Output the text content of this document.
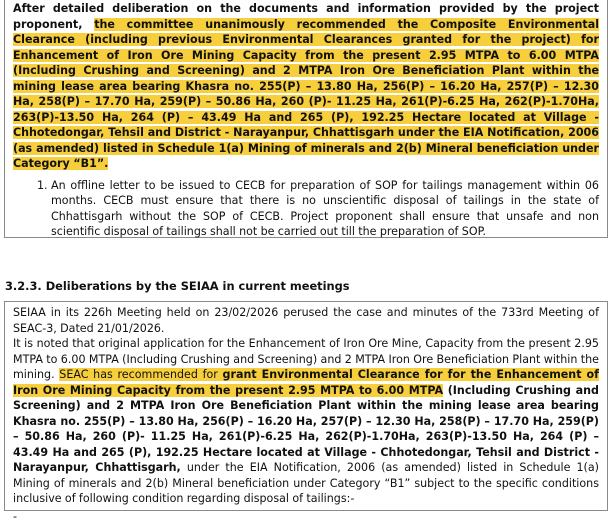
After detailed deliberation on the documents and information provided by the project proponent, the committee unanimously recommended the Composite Environmental Clearance (including previous Environmental Clearances granted for the project) for Enhancement of Iron Ore Mining Capacity from the present 2.95 MTPA to 6.00 MTPA (Including Crushing and Screening) and 2 MTPA Iron Ore Beneficiation Plant within the mining lease area bearing Khasra no. 255(P) – 13.80 Ha, 256(P) – 16.20 Ha, 257(P) – 12.30 Ha, 258(P) – 17.70 Ha, 259(P) – 50.86 Ha, 260 (P)- 11.25 Ha, 261(P)-6.25 Ha, 262(P)-1.70Ha, 263(P)-13.50 Ha, 264 (P) – 43.49 Ha and 265 (P), 192.25 Hectare located at Village - Chhotedongar, Tehsil and District - Narayanpur, Chhattisgarh under the EIA Notification, 2006 (as amended) listed in Schedule 1(a) Mining of minerals and 2(b) Mineral beneficiation under Category “B1”.

1. An offline letter to be issued to CECB for preparation of SOP for tailings management within 06 months. CECB must ensure that there is no unscientific disposal of tailings in the state of Chhattisgarh without the SOP of CECB. Project proponent shall ensure that unsafe and non scientific disposal of tailings shall not be carried out till the preparation of SOP.

3.2.3. Deliberations by the SEIAA in current meetings

SEIAA in its 226h Meeting held on 23/02/2026 perused the case and minutes of the 733rd Meeting of SEAC-3, Dated 21/01/2026.

It is noted that original application for the Enhancement of Iron Ore Mine, Capacity from the present 2.95 MTPA to 6.00 MTPA (Including Crushing and Screening) and 2 MTPA Iron Ore Beneficiation Plant within the mining. SEAC has recommended for grant Environmental Clearance for for the Enhancement of Iron Ore Mining Capacity from the present 2.95 MTPA to 6.00 MTPA (Including Crushing and Screening) and 2 MTPA Iron Ore Beneficiation Plant within the mining lease area bearing Khasra no. 255(P) – 13.80 Ha, 256(P) – 16.20 Ha, 257(P) – 12.30 Ha, 258(P) – 17.70 Ha, 259(P) – 50.86 Ha, 260 (P)- 11.25 Ha, 261(P)-6.25 Ha, 262(P)-1.70Ha, 263(P)-13.50 Ha, 264 (P) – 43.49 Ha and 265 (P), 192.25 Hectare located at Village - Chhotedongar, Tehsil and District - Narayanpur, Chhattisgarh, under the EIA Notification, 2006 (as amended) listed in Schedule 1(a) Mining of minerals and 2(b) Mineral beneficiation under Category “B1” subject to the specific conditions inclusive of following condition regarding disposal of tailings:-

-
